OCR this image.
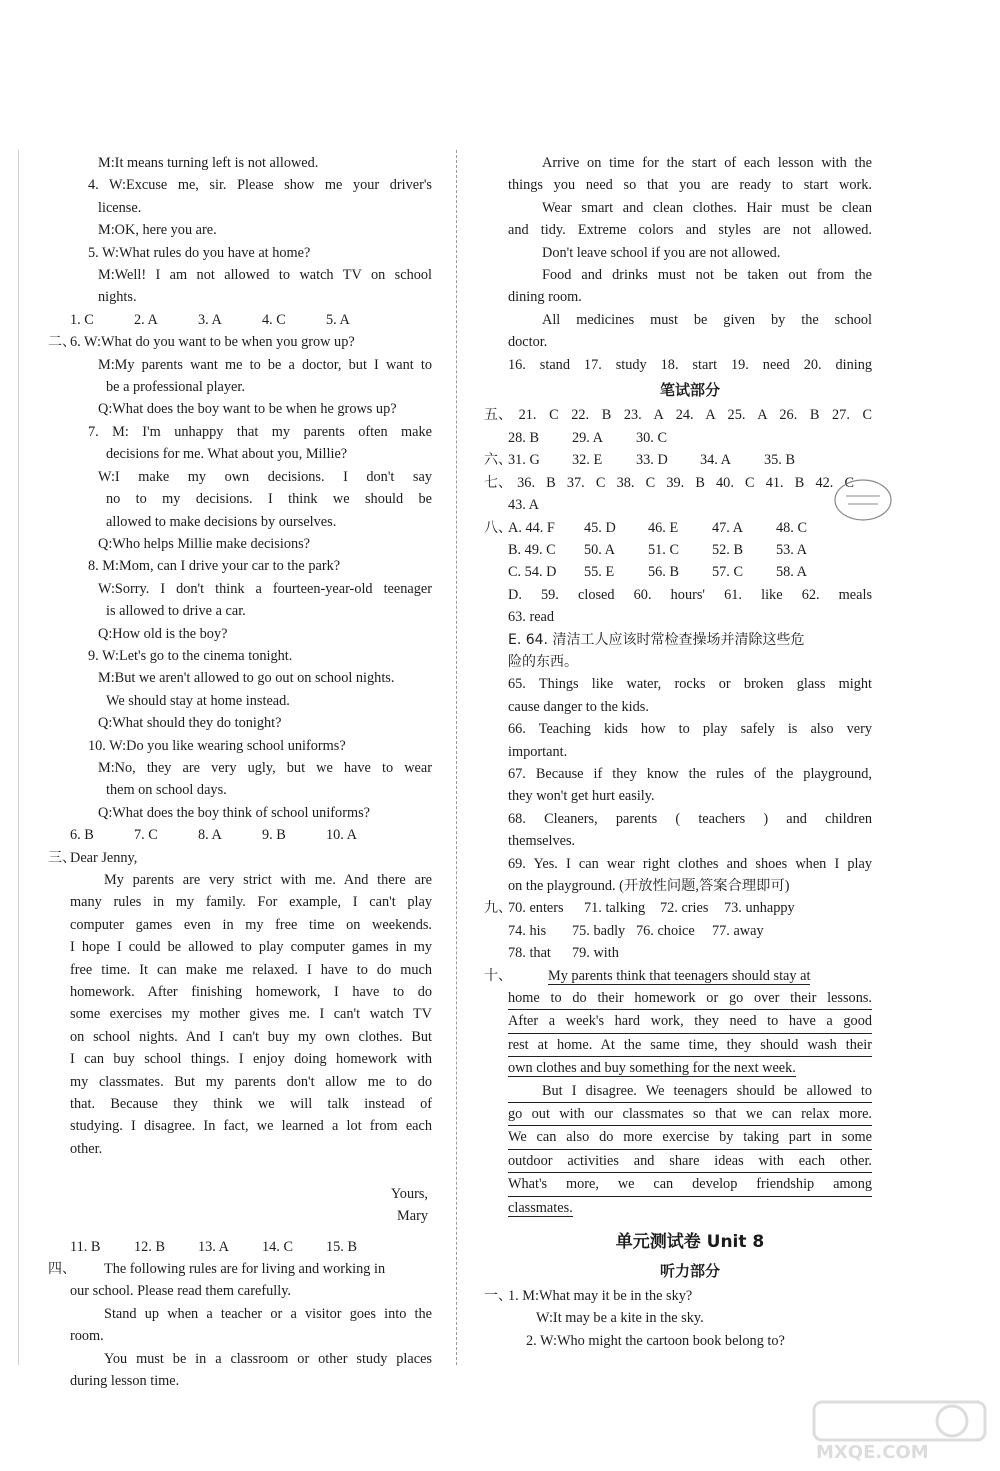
M:It means turning left is not allowed.
4. W:Excuse me, sir. Please show me your driver's
license.
M:OK, here you are.
5. W:What rules do you have at home?
M:Well! I am not allowed to watch TV on school
nights.
1. C	2. A	3. A	4. C	5. A
二、6. W:What do you want to be when you grow up?
M:My parents want me to be a doctor, but I want to
be a professional player.
Q:What does the boy want to be when he grows up?
7. M: I'm unhappy that my parents often make
decisions for me. What about you, Millie?
W:I make my own decisions. I don't say
no to my decisions. I think we should be
allowed to make decisions by ourselves.
Q:Who helps Millie make decisions?
8. M:Mom, can I drive your car to the park?
W:Sorry. I don't think a fourteen-year-old teenager
is allowed to drive a car.
Q:How old is the boy?
9. W:Let's go to the cinema tonight.
M:But we aren't allowed to go out on school nights.
We should stay at home instead.
Q:What should they do tonight?
10. W:Do you like wearing school uniforms?
M:No, they are very ugly, but we have to wear
them on school days.
Q:What does the boy think of school uniforms?
6. B	7. C	8. A	9. B	10. A
三、Dear Jenny,
My parents are very strict with me. And there are
many rules in my family. For example, I can't play
computer games even in my free time on weekends.
I hope I could be allowed to play computer games in my
free time. It can make me relaxed. I have to do much
homework. After finishing homework, I have to do
some exercises my mother gives me. I can't watch TV
on school nights. And I can't buy my own clothes. But
I can buy school things. I enjoy doing homework with
my classmates. But my parents don't allow me to do
that. Because they think we will talk instead of
studying. I disagree. In fact, we learned a lot from each
other.

Yours,
Mary
11. B 12. B 13. A 14. C 15. B
四、 The following rules are for living and working in
our school. Please read them carefully.
Stand up when a teacher or a visitor goes into the
room.
You must be in a classroom or other study places
during lesson time.
Arrive on time for the start of each lesson with the
things you need so that you are ready to start work.
Wear smart and clean clothes. Hair must be clean
and tidy. Extreme colors and styles are not allowed.
Don't leave school if you are not allowed.
Food and drinks must not be taken out from the
dining room.
All medicines must be given by the school
doctor.
16. stand 17. study 18. start 19. need 20. dining
笔试部分
五、 21. C 22. B 23. A 24. A 25. A 26. B 27. C
28. B 29. A 30. C
六、31. G 32. E 33. D 34. A 35. B
七、 36. B 37. C 38. C 39. B 40. C 41. B 42. C
43. A
八、A. 44. F 45. D 46. E 47. A 48. C
B. 49. C 50. A 51. C 52. B 53. A
C. 54. D 55. E 56. B 57. C 58. A
D. 59. closed 60. hours' 61. like 62. meals
63. read
E. 64. 清洁工人应该时常检查操场并清除这些危
险的东西。
65. Things like water, rocks or broken glass might
cause danger to the kids.
66. Teaching kids how to play safely is also very
important.
67. Because if they know the rules of the playground,
they won't get hurt easily.
68. Cleaners, parents ( teachers ) and children
themselves.
69. Yes. I can wear right clothes and shoes when I play
on the playground. (开放性问题,答案合理即可)
九、70. enters 71. talking 72. cries 73. unhappy
74. his 75. badly 76. choice 77. away
78. that 79. with
十、	My parents think that teenagers should stay at
home to do their homework or go over their lessons.
After a week's hard work, they need to have a good
rest at home. At the same time, they should wash their
own clothes and buy something for the next week.
But I disagree. We teenagers should be allowed to
go out with our classmates so that we can relax more.
We can also do more exercise by taking part in some
outdoor activities and share ideas with each other.
What's more, we can develop friendship among
classmates.
单元测试卷 Unit 8
听力部分
一、1. M:What may it be in the sky?
W:It may be a kite in the sky.
2. W:Who might the cartoon book belong to?
MXQE.COM
